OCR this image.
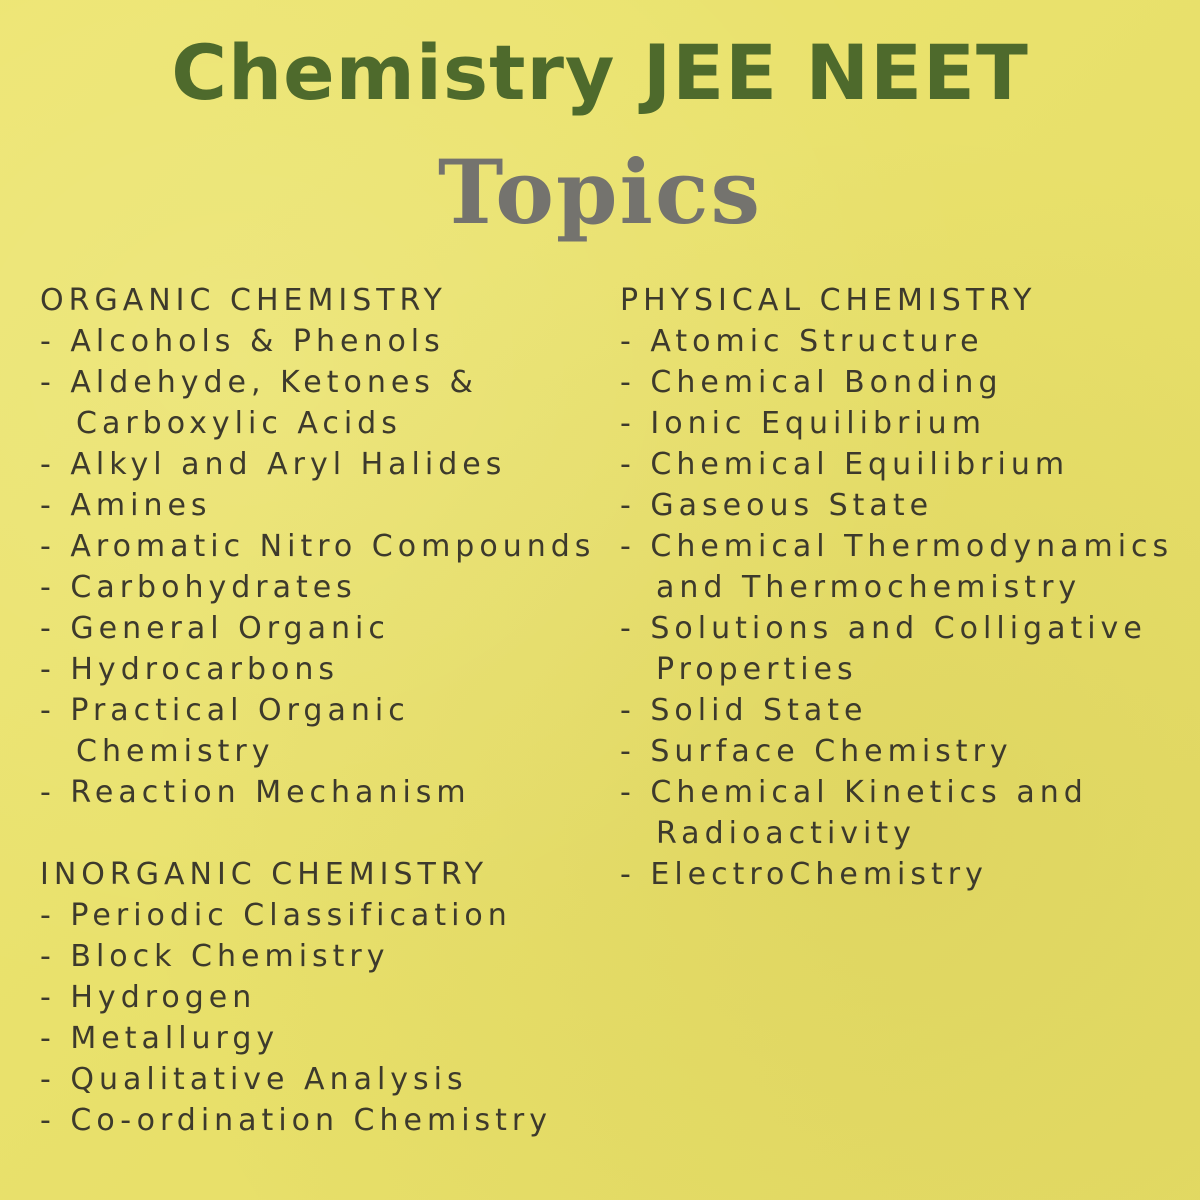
Chemistry JEE NEET
Topics
ORGANIC CHEMISTRY
- Alcohols & Phenols
- Aldehyde, Ketones & Carboxylic Acids
- Alkyl and Aryl Halides
- Amines
- Aromatic Nitro Compounds
- Carbohydrates
- General Organic
- Hydrocarbons
- Practical Organic Chemistry
- Reaction Mechanism
INORGANIC CHEMISTRY
- Periodic Classification
- Block Chemistry
- Hydrogen
- Metallurgy
- Qualitative Analysis
- Co-ordination Chemistry
PHYSICAL CHEMISTRY
- Atomic Structure
- Chemical Bonding
- Ionic Equilibrium
- Chemical Equilibrium
- Gaseous State
- Chemical Thermodynamics and Thermochemistry
- Solutions and Colligative Properties
- Solid State
- Surface Chemistry
- Chemical Kinetics and Radioactivity
- ElectroChemistry
